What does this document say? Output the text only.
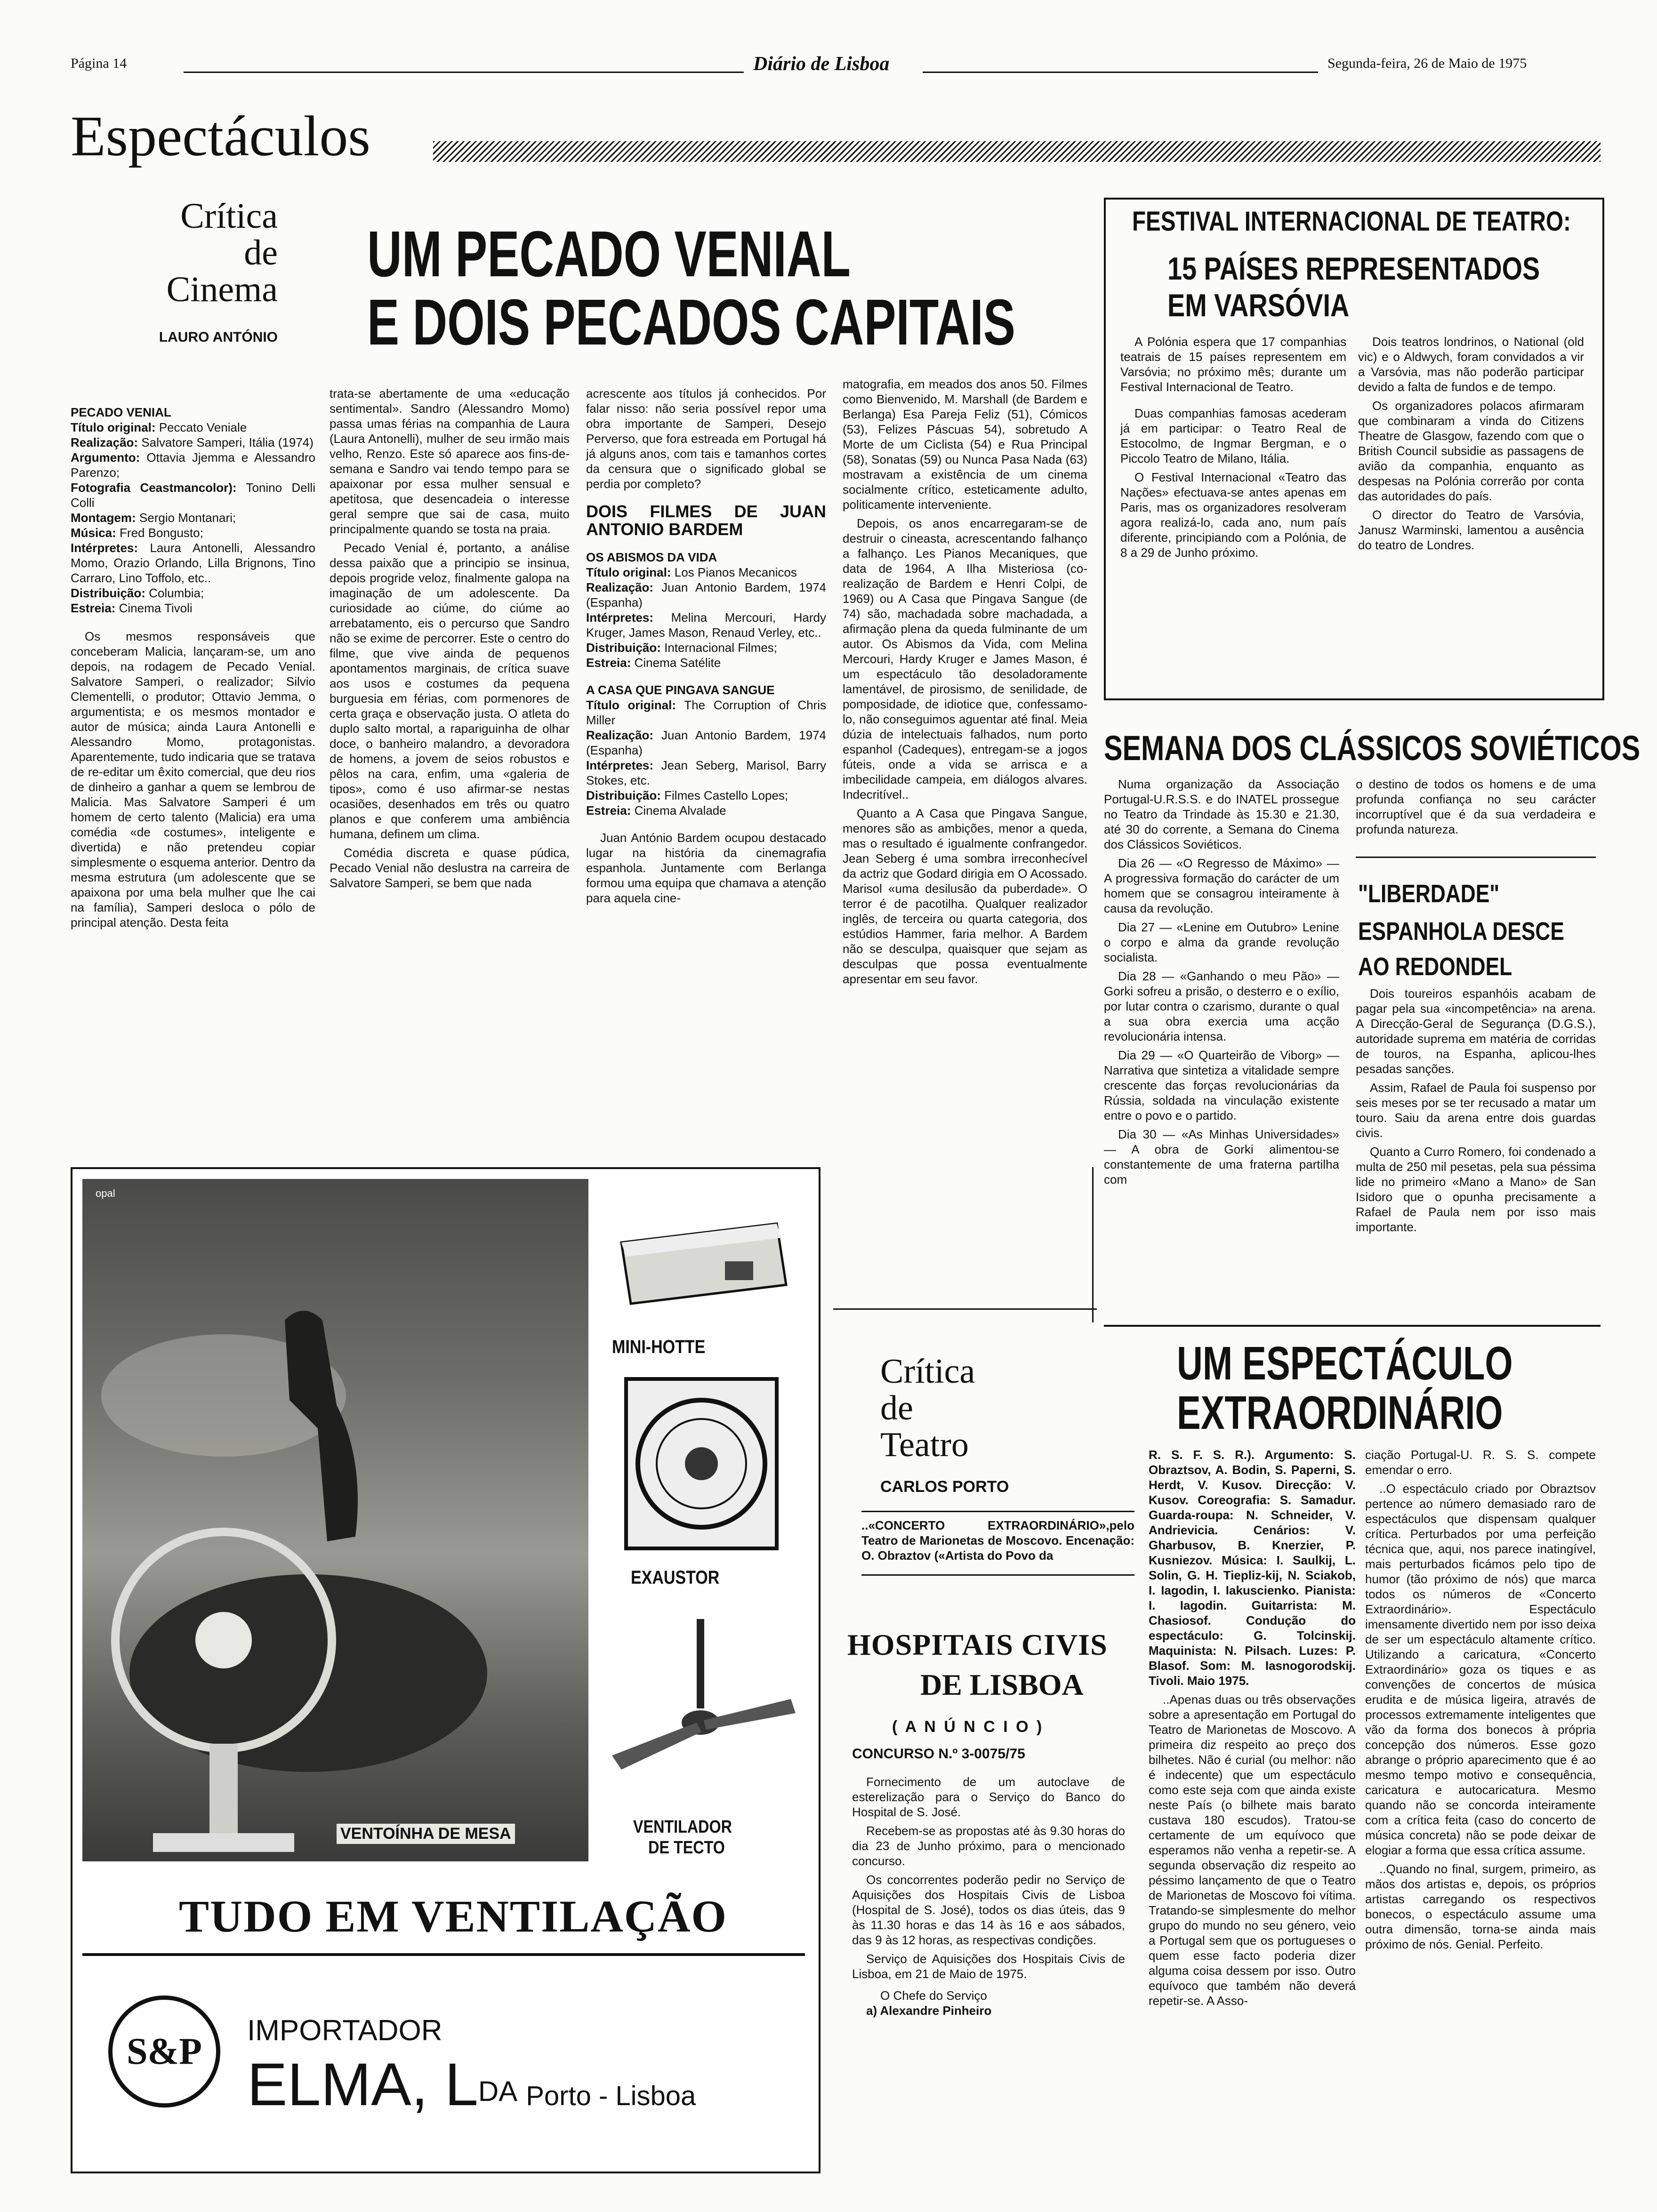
Página 14	Diário de Lisboa	Segunda-feira, 26 de Maio de 1975
Espectáculos
Crítica
de
Cinema
LAURO ANTÓNIO
UM PECADO VENIAL
E DOIS PECADOS CAPITAIS
PECADO VENIAL
Título original: Peccato Veniale
Realização: Salvatore Samperi, Itália (1974)
Argumento: Ottavia Jjemma e Alessandro Parenzo;
Fotografia Ceastmancolor): Tonino Delli Colli
Montagem: Sergio Montanari;
Música: Fred Bongusto;
Intérpretes: Laura Antonelli, Alessandro Momo, Orazio Orlando, Lilla Brignons, Tino Carraro, Lino Toffolo, etc..
Distribuição: Columbia;
Estreia: Cinema Tivoli

Os mesmos responsáveis que conceberam Malicia, lançaram-se, um ano depois, na rodagem de Pecado Venial. Salvatore Samperi, o realizador; Silvio Clementelli, o produtor; Ottavio Jemma, o argumentista; e os mesmos montador e autor de música; ainda Laura Antonelli e Alessandro Momo, protagonistas. Aparentemente, tudo indicaria que se tratava de re-editar um êxito comercial, que deu rios de dinheiro a ganhar a quem se lembrou de Malicia. Mas Salvatore Samperi é um homem de certo talento (Malicia) era uma comédia «de costumes», inteligente e divertida) e não pretendeu copiar simplesmente o esquema anterior. Dentro da mesma estrutura (um adolescente que se apaixona por uma bela mulher que lhe cai na família), Samperi desloca o pólo de principal atenção. Desta feita

trata-se abertamente de uma «educação sentimental». Sandro (Alessandro Momo) passa umas férias na companhia de Laura (Laura Antonelli), mulher de seu irmão mais velho, Renzo. Este só aparece aos fins-de-semana e Sandro vai tendo tempo para se apaixonar por essa mulher sensual e apetitosa, que desencadeia o interesse geral sempre que sai de casa, muito principalmente quando se tosta na praia.

Pecado Venial é, portanto, a análise dessa paixão que a principio se insinua, depois progride veloz, finalmente galopa na imaginação de um adolescente. Da curiosidade ao ciúme, do ciúme ao arrebatamento, eis o percurso que Sandro não se exime de percorrer. Este o centro do filme, que vive ainda de pequenos apontamentos marginais, de crítica suave aos usos e costumes da pequena burguesia em férias, com pormenores de certa graça e observação justa. O atleta do duplo salto mortal, a rapariguinha de olhar doce, o banheiro malandro, a devoradora de homens, a jovem de seios robustos e pêlos na cara, enfim, uma «galeria de tipos», como é uso afirmar-se nestas ocasiões, desenhados em três ou quatro planos e que conferem uma ambiência humana, definem um clima.

Comédia discreta e quase púdica, Pecado Venial não deslustra na carreira de Salvatore Samperi, se bem que nada

acrescente aos títulos já conhecidos. Por falar nisso: não seria possível repor uma obra importante de Samperi, Desejo Perverso, que fora estreada em Portugal há já alguns anos, com tais e tamanhos cortes da censura que o significado global se perdia por completo?

DOIS FILMES DE JUAN ANTONIO BARDEM
OS ABISMOS DA VIDA
Título original: Los Pianos Mecanicos
Realização: Juan Antonio Bardem, 1974 (Espanha)
Intérpretes: Melina Mercouri, Hardy Kruger, James Mason, Renaud Verley, etc..
Distribuição: Internacional Filmes;
Estreia: Cinema Satélite
A CASA QUE PINGAVA SANGUE
Título original: The Corruption of Chris Miller
Realização: Juan Antonio Bardem, 1974 (Espanha)
Intérpretes: Jean Seberg, Marisol, Barry Stokes, etc.
Distribuição: Filmes Castello Lopes;
Estreia: Cinema Alvalade

Juan António Bardem ocupou destacado lugar na história da cinemagrafia espanhola. Juntamente com Berlanga formou uma equipa que chamava a atenção para aquela cine-

matografia, em meados dos anos 50. Filmes como Bienvenido, M. Marshall (de Bardem e Berlanga) Esa Pareja Feliz (51), Cómicos (53), Felizes Páscuas 54), sobretudo A Morte de um Ciclista (54) e Rua Principal (58), Sonatas (59) ou Nunca Pasa Nada (63) mostravam a existência de um cinema socialmente crítico, esteticamente adulto, politicamente interveniente.

Depois, os anos encarregaram-se de destruir o cineasta, acrescentando falhanço a falhanço. Les Pianos Mecaniques, que data de 1964, A Ilha Misteriosa (co-realização de Bardem e Henri Colpi, de 1969) ou A Casa que Pingava Sangue (de 74) são, machadada sobre machadada, a afirmação plena da queda fulminante de um autor. Os Abismos da Vida, com Melina Mercouri, Hardy Kruger e James Mason, é um espectáculo tão desoladoramente lamentável, de pirosismo, de senilidade, de pomposidade, de idiotice que, confessamo-lo, não conseguimos aguentar até final. Meia dúzia de intelectuais falhados, num porto espanhol (Cadeques), entregam-se a jogos fúteis, onde a vida se arrisca e a imbecilidade campeia, em diálogos alvares. Indecritível..

Quanto a A Casa que Pingava Sangue, menores são as ambições, menor a queda, mas o resultado é igualmente confrangedor. Jean Seberg é uma sombra irreconhecível da actriz que Godard dirigia em O Acossado. Marisol «uma desilusão da puberdade». O terror é de pacotilha. Qualquer realizador inglês, de terceira ou quarta categoria, dos estúdios Hammer, faria melhor. A Bardem não se desculpa, quaisquer que sejam as desculpas que possa eventualmente apresentar em seu favor.

FESTIVAL INTERNACIONAL DE TEATRO:
15 PAÍSES REPRESENTADOS
EM VARSÓVIA

A Polónia espera que 17 companhias teatrais de 15 países representem em Varsóvia; no próximo mês; durante um Festival Internacional de Teatro.

Duas companhias famosas acederam já em participar: o Teatro Real de Estocolmo, de Ingmar Bergman, e o Piccolo Teatro de Milano, Itália.

O Festival Internacional «Teatro das Nações» efectuava-se antes apenas em Paris, mas os organizadores resolveram agora realizá-lo, cada ano, num país diferente, principiando com a Polónia, de 8 a 29 de Junho próximo.

Dois teatros londrinos, o National (old vic) e o Aldwych, foram convidados a vir a Varsóvia, mas não poderão participar devido a falta de fundos e de tempo.

Os organizadores polacos afirmaram que combinaram a vinda do Citizens Theatre de Glasgow, fazendo com que o British Council subsidie as passagens de avião da companhia, enquanto as despesas na Polónia correrão por conta das autoridades do país.

O director do Teatro de Varsóvia, Janusz Warminski, lamentou a ausência do teatro de Londres.

SEMANA DOS CLÁSSICOS SOVIÉTICOS

Numa organização da Associação Portugal-U.R.S.S. e do INATEL prossegue no Teatro da Trindade às 15.30 e 21.30, até 30 do corrente, a Semana do Cinema dos Clássicos Soviéticos.

Dia 26 — «O Regresso de Máximo» — A progressiva formação do carácter de um homem que se consagrou inteiramente à causa da revolução.

Dia 27 — «Lenine em Outubro» Lenine o corpo e alma da grande revolução socialista.

Dia 28 — «Ganhando o meu Pão» — Gorki sofreu a prisão, o desterro e o exílio, por lutar contra o czarismo, durante o qual a sua obra exercia uma acção revolucionária intensa.

Dia 29 — «O Quarteirão de Viborg» — Narrativa que sintetiza a vitalidade sempre crescente das forças revolucionárias da Rússia, soldada na vinculação existente entre o povo e o partido.

Dia 30 — «As Minhas Universidades» — A obra de Gorki alimentou-se constantemente de uma fraterna partilha com

o destino de todos os homens e de uma profunda confiança no seu carácter incorruptível que é da sua verdadeira e profunda natureza.
"LIBERDADE"
ESPANHOLA DESCE
AO REDONDEL

Dois toureiros espanhóis acabam de pagar pela sua «incompetência» na arena. A Direcção-Geral de Segurança (D.G.S.), autoridade suprema em matéria de corridas de touros, na Espanha, aplicou-lhes pesadas sanções.

Assim, Rafael de Paula foi suspenso por seis meses por se ter recusado a matar um touro. Saiu da arena entre dois guardas civis.

Quanto a Curro Romero, foi condenado a multa de 250 mil pesetas, pela sua péssima lide no primeiro «Mano a Mano» de San Isidoro que o opunha precisamente a Rafael de Paula nem por isso mais importante.

opal
VENTOÍNHA DE MESA
MINI-HOTTE
EXAUSTOR
VENTILADOR
DE TECTO
TUDO EM VENTILAÇÃO
S&P IMPORTADOR
ELMA, $L^{DA}$ Porto - Lisboa
Crítica
de
Teatro
CARLOS PORTO
UM ESPECTÁCULO
EXTRAORDINÁRIO
..«CONCERTO EXTRAORDINÁRIO»,pelo Teatro de Marionetas de Moscovo. Encenação: O. Obraztov («Artista do Povo da
HOSPITAIS CIVIS
DE LISBOA
( A N Ú N C I O )
CONCURSO N.º 3-0075/75

Fornecimento de um autoclave de esterelização para o Serviço do Banco do Hospital de S. José.

Recebem-se as propostas até às 9.30 horas do dia 23 de Junho próximo, para o mencionado concurso.

Os concorrentes poderão pedir no Serviço de Aquisições dos Hospitais Civis de Lisboa (Hospital de S. José), todos os dias úteis, das 9 às 11.30 horas e das 14 às 16 e aos sábados, das 9 às 12 horas, as respectivas condições.

Serviço de Aquisições dos Hospitais Civis de Lisboa, em 21 de Maio de 1975.

O Chefe do Serviço
a) Alexandre Pinheiro

R. S. F. S. R.). Argumento: S. Obraztsov, A. Bodin, S. Paperni, S. Herdt, V. Kusov. Direcção: V. Kusov. Coreografia: S. Samadur. Guarda-roupa: N. Schneider, V. Andrievicia. Cenários: V. Gharbusov, B. Knerzier, P. Kusniezov. Música: I. Saulkij, L. Solin, G. H. Tiepliz-kij, N. Sciakob, I. Iagodin, I. Iakuscienko. Pianista: I. Iagodin. Guitarrista: M. Chasiosof. Condução do espectáculo: G. Tolcinskij. Maquinista: N. Pilsach. Luzes: P. Blasof. Som: M. Iasnogorodskij. Tivoli. Maio 1975.

..Apenas duas ou três observações sobre a apresentação em Portugal do Teatro de Marionetas de Moscovo. A primeira diz respeito ao preço dos bilhetes. Não é curial (ou melhor: não é indecente) que um espectáculo como este seja com que ainda existe neste País (o bilhete mais barato custava 180 escudos). Tratou-se certamente de um equívoco que esperamos não venha a repetir-se. A segunda observação diz respeito ao péssimo lançamento de que o Teatro de Marionetas de Moscovo foi vítima. Tratando-se simplesmente do melhor grupo do mundo no seu género, veio a Portugal sem que os portugueses o quem esse facto poderia dizer alguma coisa dessem por isso. Outro equívoco que também não deverá repetir-se. A Asso-

ciação Portugal-U. R. S. S. compete emendar o erro.

..O espectáculo criado por Obraztsov pertence ao número demasiado raro de espectáculos que dispensam qualquer crítica. Perturbados por uma perfeição técnica que, aqui, nos parece inatingível, mais perturbados ficámos pelo tipo de humor (tão próximo de nós) que marca todos os números de «Concerto Extraordinário». Espectáculo imensamente divertido nem por isso deixa de ser um espectáculo altamente crítico. Utilizando a caricatura, «Concerto Extraordinário» goza os tiques e as convenções de concertos de música erudita e de música ligeira, através de processos extremamente inteligentes que vão da forma dos bonecos à própria concepção dos números. Esse gozo abrange o próprio aparecimento que é ao mesmo tempo motivo e consequência, caricatura e autocaricatura. Mesmo quando não se concorda inteiramente com a crítica feita (caso do concerto de música concreta) não se pode deixar de elogiar a forma que essa crítica assume.

..Quando no final, surgem, primeiro, as mãos dos artistas e, depois, os próprios artistas carregando os respectivos bonecos, o espectáculo assume uma outra dimensão, torna-se ainda mais próximo de nós. Genial. Perfeito.
